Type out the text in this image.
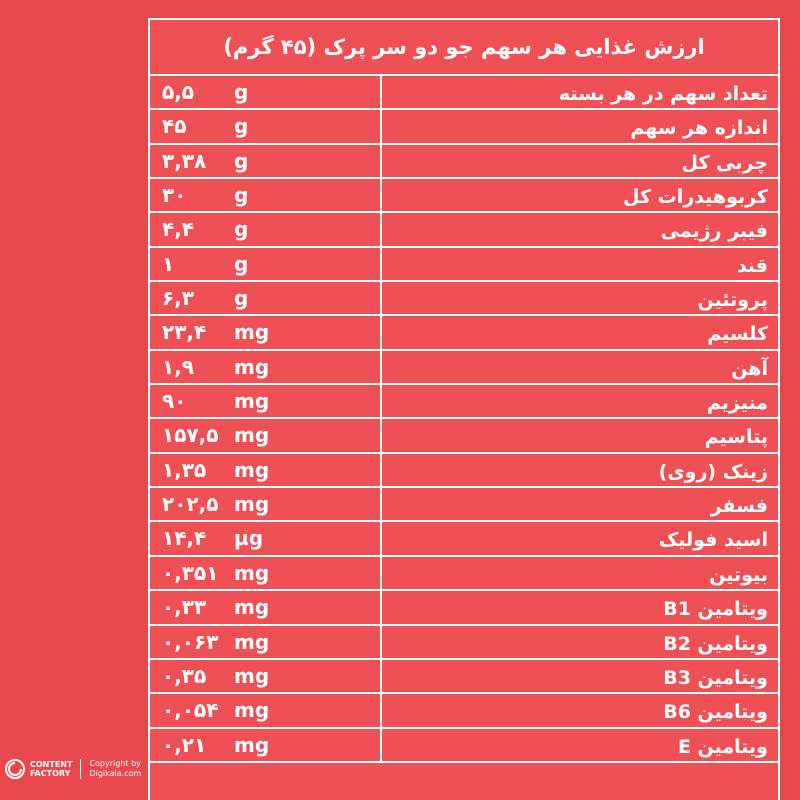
ارزش غذایی هر سهم جو دو سر پرک (۴۵ گرم)
۵,۵ g	تعداد سهم در هر بسته
۴۵ g	اندازه هر سهم
۳,۳۸ g	چربی کل
۳۰ g	کربوهیدرات کل
۴,۴ g	فیبر رژیمی
۱	g	قند
۶,۳ g	پروتئین
۲۳,۴ mg	کلسیم
۱,۹ mg	آهن
۹۰ mg	منیزیم
۱۵۷,۵ mg	پتاسیم
۱,۳۵ mg	زینک (روی)
۲۰۲,۵ mg	فسفر
۱۴,۴ µg	اسید فولیک
۰,۳۵۱ mg	بیوتین
۰,۳۳ mg	ویتامین B1
۰,۰۶۳ mg	ویتامین B2
۰,۳۵ mg	ویتامین B3
۰,۰۵۴ mg	ویتامین B6
۰,۲۱ mg	ویتامین E
CONTENT
FACTORY
Copyright by
Digikala.com
